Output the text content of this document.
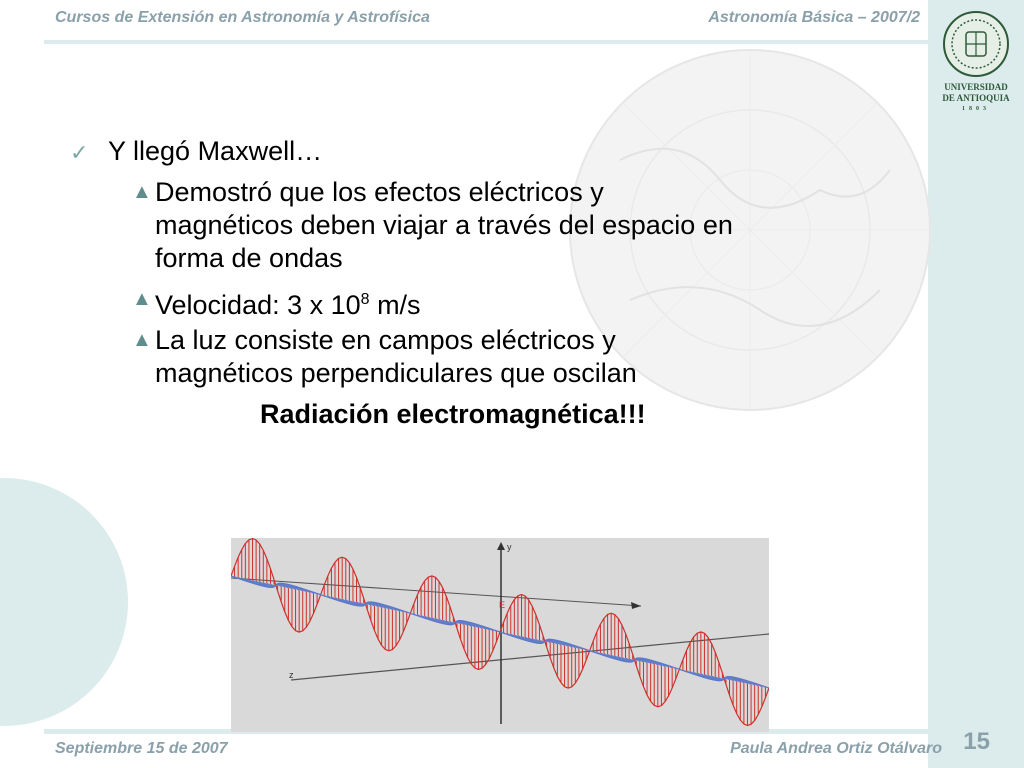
Cursos de Extensión en Astronomía y Astrofísica	Astronomía Básica – 2007/2
UNIVERSIDAD
DE ANTIOQUIA
1803
✓ Y llegó Maxwell…
▲ Demostró que los efectos eléctricos y
magnéticos deben viajar a través del espacio en
forma de ondas
▲ Velocidad: 3 x $10^8$ m/s
▲ La luz consiste en campos eléctricos y
magnéticos perpendiculares que oscilan
Radiación electromagnética!!!
y
z
E
Septiembre 15 de 2007	Paula Andrea Ortiz Otálvaro 15
